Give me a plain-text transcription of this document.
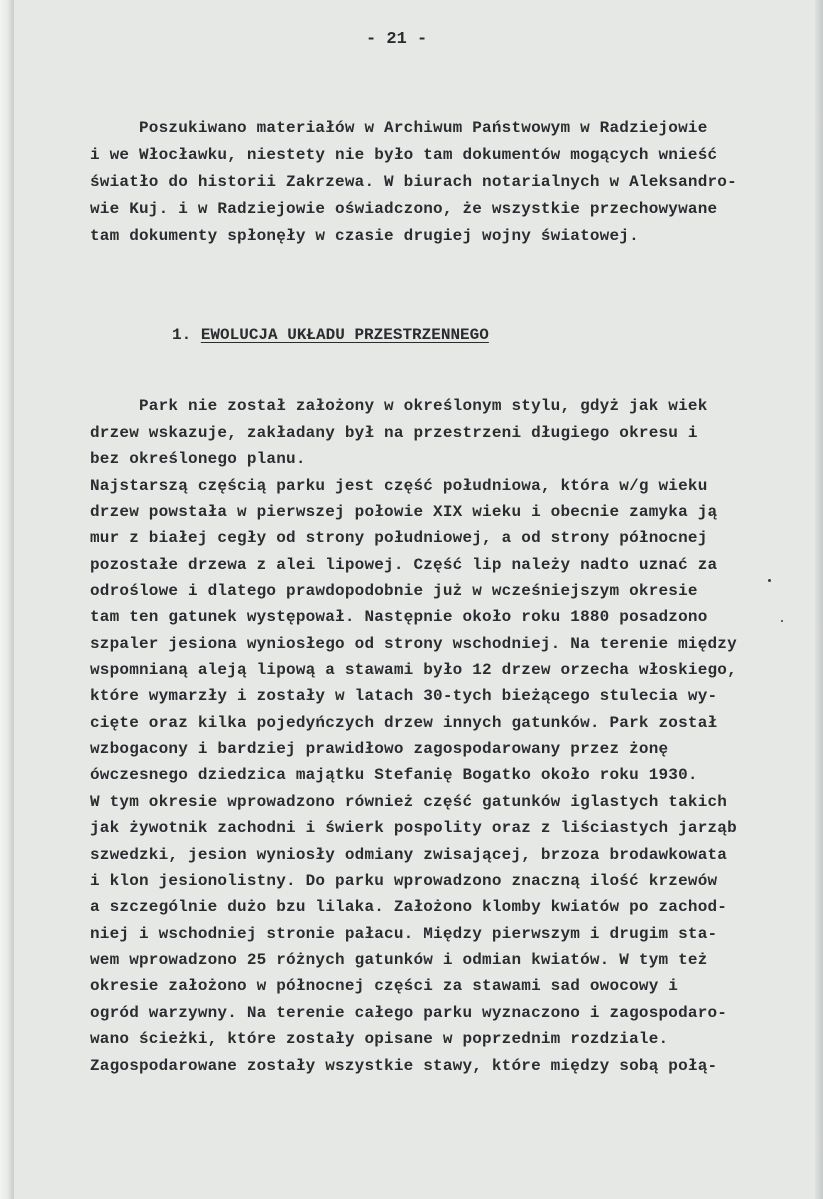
- 21 -
Poszukiwano materiałów w Archiwum Państwowym w Radziejowie
i we Włocławku, niestety nie było tam dokumentów mogących wnieść
światło do historii Zakrzewa. W biurach notarialnych w Aleksandro-
wie Kuj. i w Radziejowie oświadczono, że wszystkie przechowywane
tam dokumenty spłonęły w czasie drugiej wojny światowej.
1. EWOLUCJA UKŁADU PRZESTRZENNEGO
Park nie został założony w określonym stylu, gdyż jak wiek
drzew wskazuje, zakładany był na przestrzeni długiego okresu i
bez określonego planu.
Najstarszą częścią parku jest część południowa, która w/g wieku
drzew powstała w pierwszej połowie XIX wieku i obecnie zamyka ją
mur z białej cegły od strony południowej, a od strony północnej
pozostałe drzewa z alei lipowej. Część lip należy nadto uznać za
odroślowe i dlatego prawdopodobnie już w wcześniejszym okresie
tam ten gatunek występował. Następnie około roku 1880 posadzono
szpaler jesiona wyniosłego od strony wschodniej. Na terenie między
wspomnianą aleją lipową a stawami było 12 drzew orzecha włoskiego,
które wymarzły i zostały w latach 30-tych bieżącego stulecia wy-
cięte oraz kilka pojedyńczych drzew innych gatunków. Park został
wzbogacony i bardziej prawidłowo zagospodarowany przez żonę
ówczesnego dziedzica majątku Stefanię Bogatko około roku 1930.
W tym okresie wprowadzono również część gatunków iglastych takich
jak żywotnik zachodni i świerk pospolity oraz z liściastych jarząb
szwedzki, jesion wyniosły odmiany zwisającej, brzoza brodawkowata
i klon jesionolistny. Do parku wprowadzono znaczną ilość krzewów
a szczególnie dużo bzu lilaka. Założono klomby kwiatów po zachod-
niej i wschodniej stronie pałacu. Między pierwszym i drugim sta-
wem wprowadzono 25 różnych gatunków i odmian kwiatów. W tym też
okresie założono w północnej części za stawami sad owocowy i
ogród warzywny. Na terenie całego parku wyznaczono i zagospodaro-
wano ścieżki, które zostały opisane w poprzednim rozdziale.
Zagospodarowane zostały wszystkie stawy, które między sobą połą-
